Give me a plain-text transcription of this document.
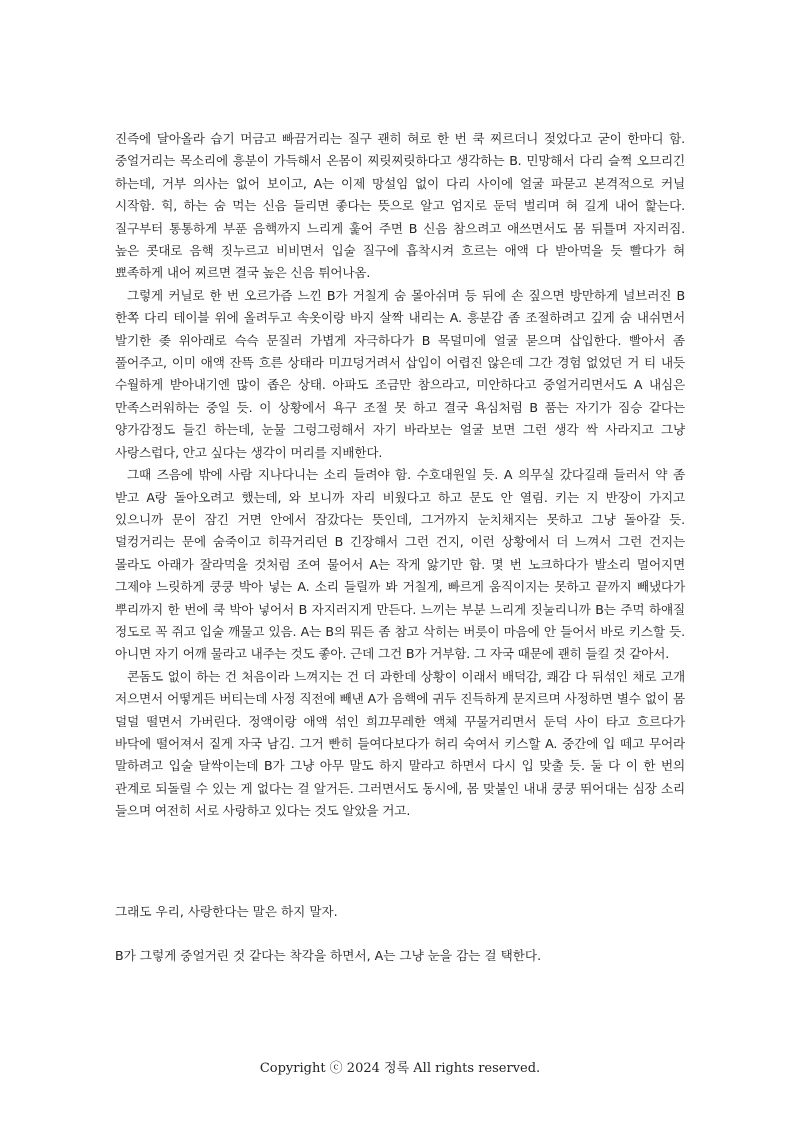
진즉에 달아올라 습기 머금고 빠끔거리는 질구 괜히 혀로 한 번 쿡 찌르더니 젖었다고 굳이 한마디 함. 중얼거리는 목소리에 흥분이 가득해서 온몸이 찌릿찌릿하다고 생각하는 B. 민망해서 다리 슬쩍 오므리긴 하는데, 거부 의사는 없어 보이고, A는 이제 망설임 없이 다리 사이에 얼굴 파묻고 본격적으로 커닐 시작함. 힉, 하는 숨 먹는 신음 들리면 좋다는 뜻으로 알고 엄지로 둔덕 벌리며 혀 길게 내어 핥는다. 질구부터 통통하게 부푼 음핵까지 느리게 훑어 주면 B 신음 참으려고 애쓰면서도 몸 뒤틀며 자지러짐. 높은 콧대로 음핵 짓누르고 비비면서 입술 질구에 흡착시켜 흐르는 애액 다 받아먹을 듯 빨다가 혀 뾰족하게 내어 찌르면 결국 높은 신음 튀어나옴.

그렇게 커닐로 한 번 오르가즘 느낀 B가 거칠게 숨 몰아쉬며 등 뒤에 손 짚으면 방만하게 널브러진 B 한쪽 다리 테이블 위에 올려두고 속옷이랑 바지 살짝 내리는 A. 흥분감 좀 조절하려고 깊게 숨 내쉬면서 발기한 좆 위아래로 슥슥 문질러 가볍게 자극하다가 B 목덜미에 얼굴 묻으며 삽입한다. 빨아서 좀 풀어주고, 이미 애액 잔뜩 흐른 상태라 미끄덩거려서 삽입이 어렵진 않은데 그간 경험 없었던 거 티 내듯 수월하게 받아내기엔 많이 좁은 상태. 아파도 조금만 참으라고, 미안하다고 중얼거리면서도 A 내심은 만족스러워하는 중일 듯. 이 상황에서 욕구 조절 못 하고 결국 욕심처럼 B 품는 자기가 짐승 같다는 양가감정도 들긴 하는데, 눈물 그렁그렁해서 자기 바라보는 얼굴 보면 그런 생각 싹 사라지고 그냥 사랑스럽다, 안고 싶다는 생각이 머리를 지배한다.

그때 즈음에 밖에 사람 지나다니는 소리 들려야 함. 수호대원일 듯. A 의무실 갔다길래 들러서 약 좀 받고 A랑 돌아오려고 했는데, 와 보니까 자리 비웠다고 하고 문도 안 열림. 키는 지 반장이 가지고 있으니까 문이 잠긴 거면 안에서 잠갔다는 뜻인데, 그거까지 눈치채지는 못하고 그냥 돌아갈 듯. 덜컹거리는 문에 숨죽이고 히끅거리던 B 긴장해서 그런 건지, 이런 상황에서 더 느껴서 그런 건지는 몰라도 아래가 잘라먹을 것처럼 조여 물어서 A는 작게 앓기만 함. 몇 번 노크하다가 발소리 멀어지면 그제야 느릿하게 쿵쿵 박아 넣는 A. 소리 들릴까 봐 거칠게, 빠르게 움직이지는 못하고 끝까지 빼냈다가 뿌리까지 한 번에 쿡 박아 넣어서 B 자지러지게 만든다. 느끼는 부분 느리게 짓눌리니까 B는 주먹 하얘질 정도로 꼭 쥐고 입술 깨물고 있음. A는 B의 뭐든 좀 참고 삭히는 버릇이 마음에 안 들어서 바로 키스할 듯. 아니면 자기 어깨 물라고 내주는 것도 좋아. 근데 그건 B가 거부함. 그 자국 때문에 괜히 들킬 것 같아서.

콘돔도 없이 하는 건 처음이라 느껴지는 건 더 과한데 상황이 이래서 배덕감, 쾌감 다 뒤섞인 채로 고개 저으면서 어떻게든 버티는데 사정 직전에 빼낸 A가 음핵에 귀두 진득하게 문지르며 사정하면 별수 없이 몸 덜덜 떨면서 가버린다. 정액이랑 애액 섞인 희끄무레한 액체 꾸물거리면서 둔덕 사이 타고 흐르다가 바닥에 떨어져서 짙게 자국 남김. 그거 빤히 들여다보다가 허리 숙여서 키스할 A. 중간에 입 떼고 무어라 말하려고 입술 달싹이는데 B가 그냥 아무 말도 하지 말라고 하면서 다시 입 맞출 듯. 둘 다 이 한 번의 관계로 되돌릴 수 있는 게 없다는 걸 알거든. 그러면서도 동시에, 몸 맞붙인 내내 쿵쿵 뛰어대는 심장 소리 들으며 여전히 서로 사랑하고 있다는 것도 알았을 거고.

그래도 우리, 사랑한다는 말은 하지 말자.

B가 그렇게 중얼거린 것 같다는 착각을 하면서, A는 그냥 눈을 감는 걸 택한다.

Copyright ⓒ 2024 정록 All rights reserved.
